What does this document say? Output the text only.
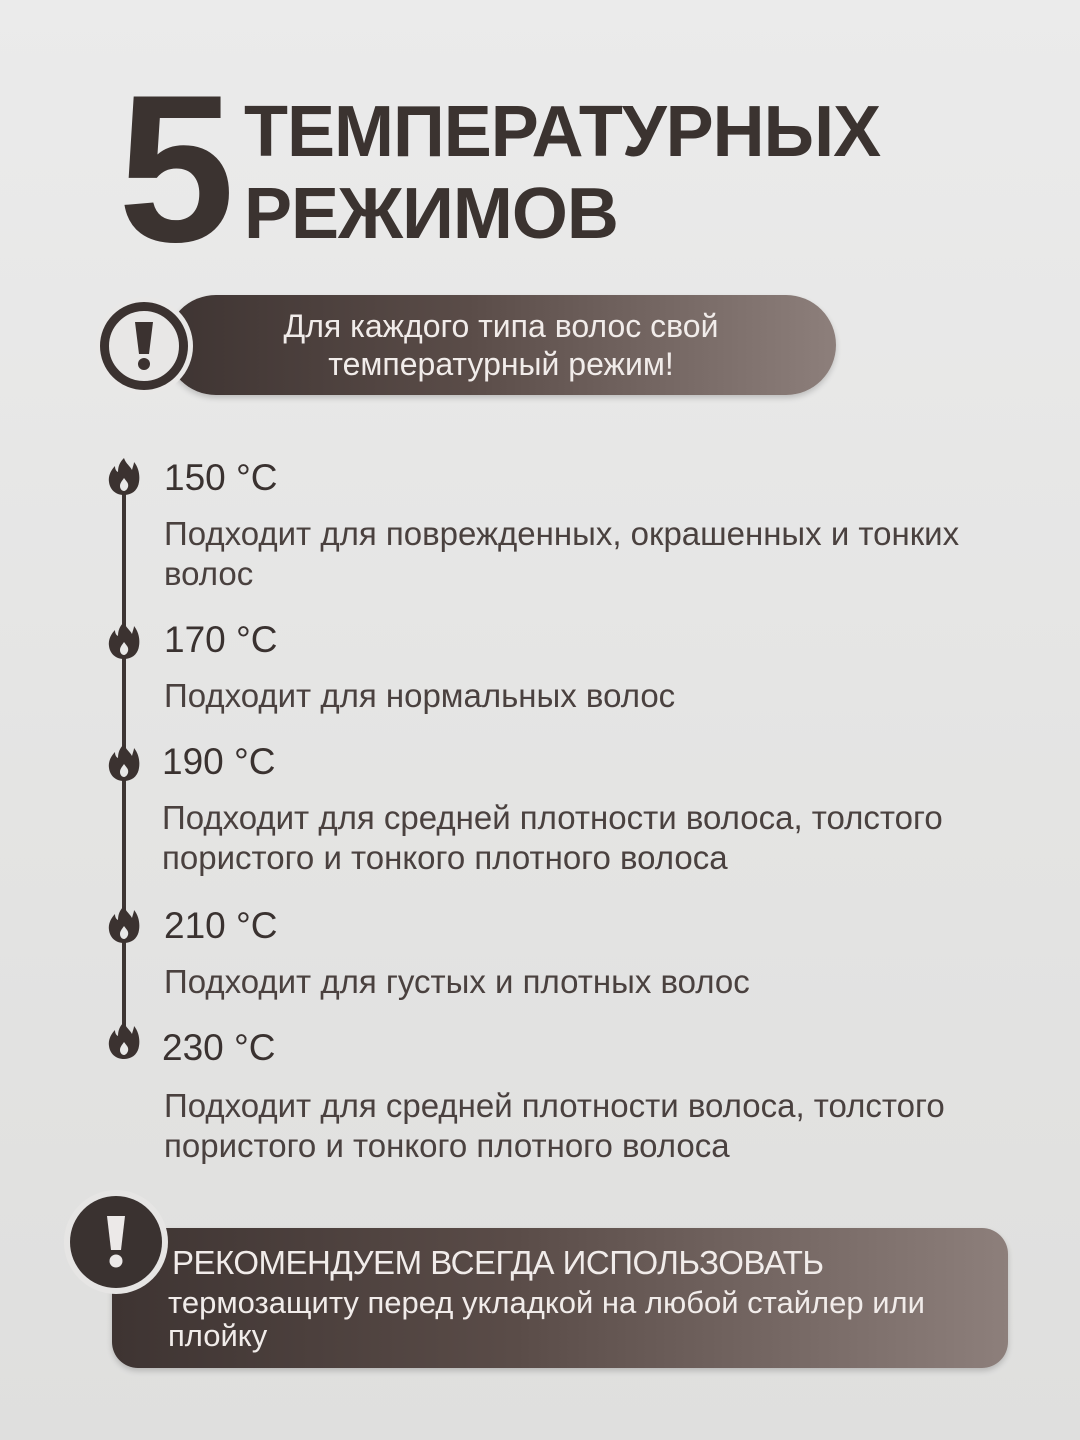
5 ТЕМПЕРАТУРНЫХ
РЕЖИМОВ
Для каждого типа волос свой температурный режим!
150 °C
Подходит для поврежденных, окрашенных и тонких волос
170 °C
Подходит для нормальных волос
190 °C
Подходит для средней плотности волоса, толстого пористого и тонкого плотного волоса
210 °C
Подходит для густых и плотных волос
230 °C
Подходит для средней плотности волоса, толстого пористого и тонкого плотного волоса
РЕКОМЕНДУЕМ ВСЕГДА ИСПОЛЬЗОВАТЬ
термозащиту перед укладкой на любой стайлер или плойку
